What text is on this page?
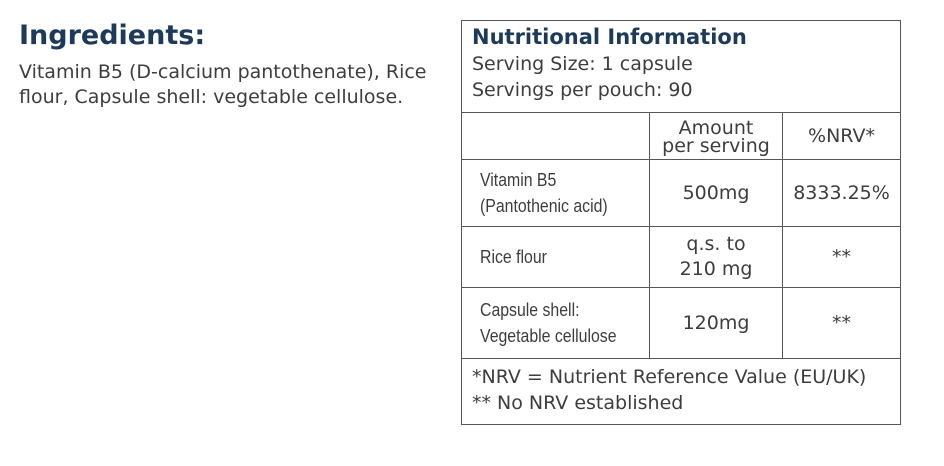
Ingredients:

Vitamin B5 (D-calcium pantothenate), Rice
flour, Capsule shell: vegetable cellulose.

Nutritional Information
Serving Size: 1 capsule
Servings per pouch: 90
Amount
per serving %NRV*
Vitamin B5
(Pantothenic acid)
500mg 8333.25%
Rice flour
q.s. to
210 mg
**
Capsule shell:
Vegetable cellulose
120mg	**
*NRV = Nutrient Reference Value (EU/UK)
** No NRV established
